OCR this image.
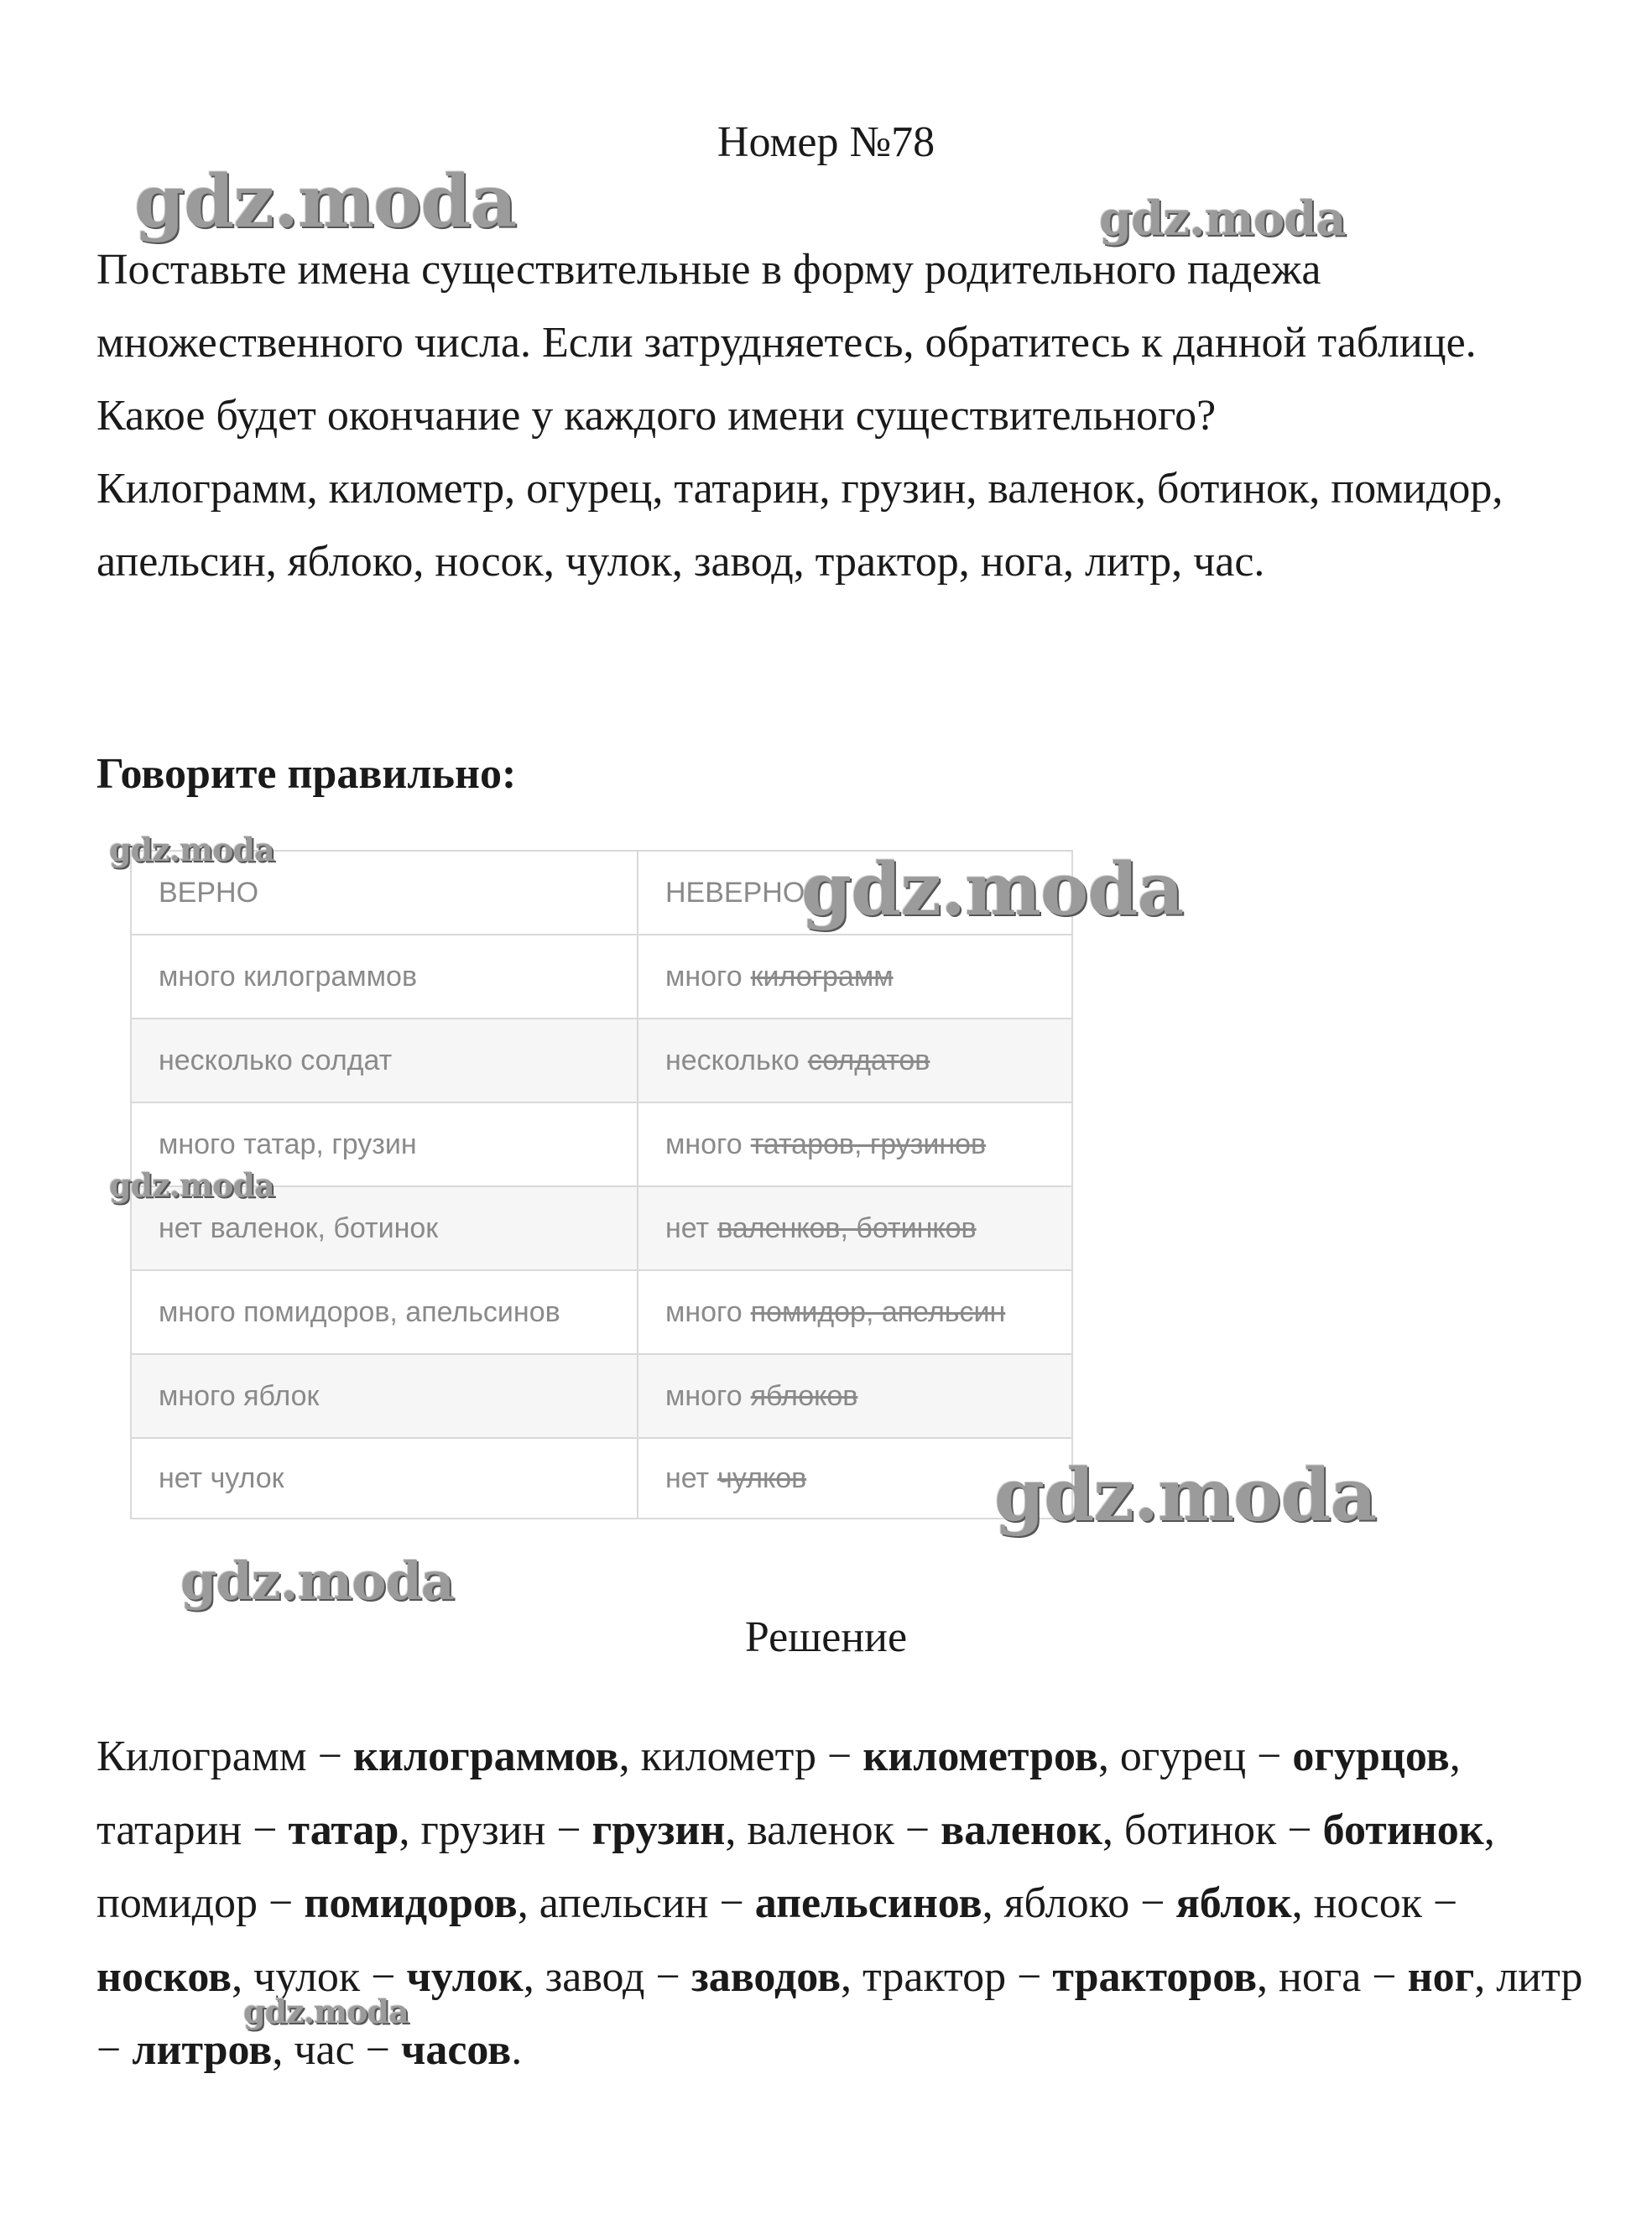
Номер №78

Поставьте имена существительные в форму родительного падежа множественного числа. Если затрудняетесь, обратитесь к данной таблице. Какое будет окончание у каждого имени существительного?

Килограмм, километр, огурец, татарин, грузин, валенок, ботинок, помидор, апельсин, яблоко, носок, чулок, завод, трактор, нога, литр, час.

Говорите правильно:
ВЕРНО	НЕВЕРНО
много килограммов	много килограмм
несколько солдат	несколько солдатов
много татар, грузин	много татаров, грузинов
нет валенок, ботинок	нет валенков, ботинков
много помидоров, апельсинов	много помидор, апельсин
много яблок	много яблоков
нет чулок	нет чулков
Решение

Килограмм − килограммов, километр − километров, огурец − огурцов, татарин − татар, грузин − грузин, валенок − валенок, ботинок − ботинок, помидор − помидоров, апельсин − апельсинов, яблоко − яблок, носок − носков, чулок − чулок, завод − заводов, трактор − тракторов, нога − ног, литр − литров, час − часов.

gdz.moda	gdz.moda
gdz.moda	gdz.moda
gdz.moda
gdz.moda
gdz.moda
gdz.moda
